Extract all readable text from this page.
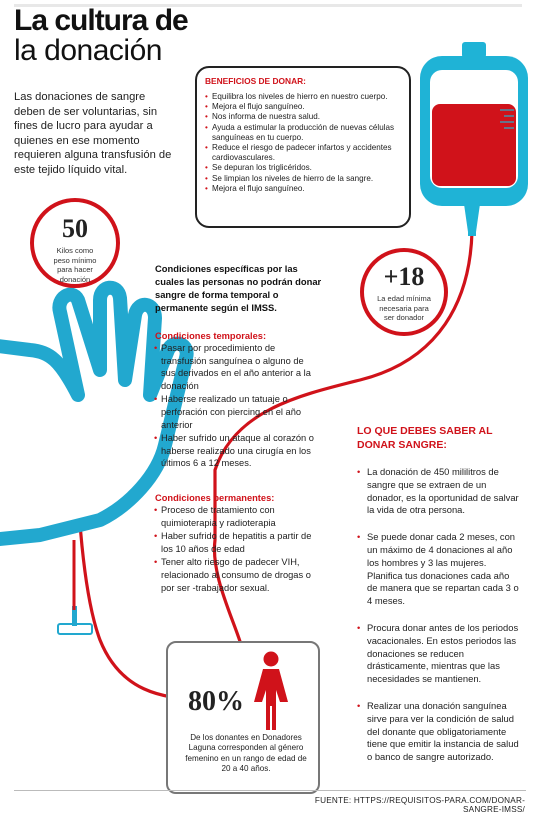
La cultura de
la donación
Las donaciones de sangre deben de ser voluntarias, sin fines de lucro para ayudar a quienes en ese momento requieren alguna transfusión de este tejido líquido vital.
BENEFICIOS DE DONAR:
• Equilibra los niveles de hierro en nuestro cuerpo.
• Mejora el flujo sanguíneo.
• Nos informa de nuestra salud.
• Ayuda a estimular la producción de nuevas células sanguíneas en tu cuerpo.
• Reduce el riesgo de padecer infartos y accidentes cardiovasculares.
• Se depuran los triglicéridos.
• Se limpian los niveles de hierro de la sangre.
• Mejora el flujo sanguíneo.
50
Kilos como peso mínimo para hacer donación	+18
La edad mínima necesaria para ser donador
Condiciones específicas por las cuales las personas no podrán donar sangre de forma temporal o permanente según el IMSS.
Condiciones temporales:
• Pasar por procedimiento de transfusión sanguínea o alguno de sus derivados en el año anterior a la donación
• Haberse realizado un tatuaje o perforación con piercing en el año anterior
• Haber sufrido un ataque al corazón o haberse realizado una cirugía en los últimos 6 a 12 meses.
Condiciones permanentes:
• Proceso de tratamiento con quimioterapia y radioterapia
• Haber sufrido de hepatitis a partir de los 10 años de edad
• Tener alto riesgo de padecer VIH, relacionado al consumo de drogas o por ser -trabajador sexual.
LO QUE DEBES SABER AL DONAR SANGRE:
• La donación de 450 mililitros de sangre que se extraen de un donador, es la oportunidad de salvar la vida de otra persona.
• Se puede donar cada 2 meses, con un máximo de 4 donaciones al año los hombres y 3 las mujeres. Planifica tus donaciones cada año de manera que se repartan cada 3 o 4 meses.
• Procura donar antes de los periodos vacacionales. En estos periodos las donaciones se reducen drásticamente, mientras que las necesidades se mantienen.
• Realizar una donación sanguínea sirve para ver la condición de salud del donante que obligatoriamente tiene que emitir la instancia de salud o banco de sangre autorizado.
80%
De los donantes en Donadores Laguna corresponden al género femenino en un rango de edad de 20 a 40 años.
FUENTE: HTTPS://REQUISITOS-PARA.COM/DONAR-SANGRE-IMSS/
